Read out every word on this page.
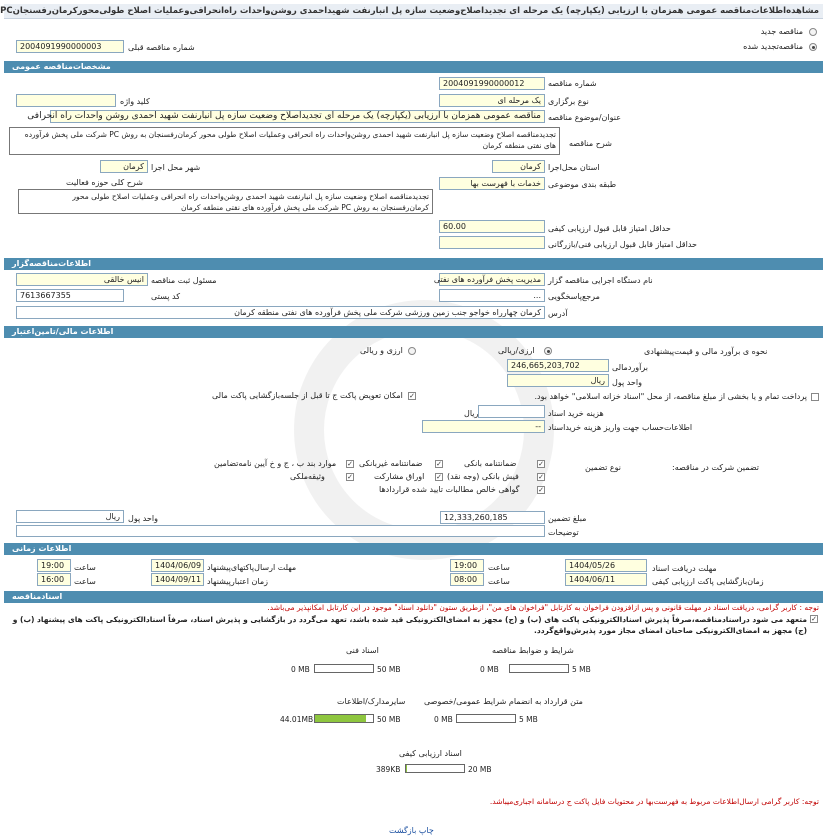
مشاهده‌اطلاعات‌مناقصه عمومی همزمان با ارزیابی (یکپارچه) یک مرحله ای تجدیداصلاح‌وضعیت سازه پل انبارنفت شهیداحمدی روشن‌واحدات راه‌انحرافی‌وعملیات اصلاح طولی‌محورکرمان‌رفسنجانPC
مناقصه جدید
مناقصه‌تجدید شده
شماره مناقصه قبلی
2004091990000003
مشخصات‌مناقصه عمومی
شماره مناقصه
2004091990000012
نوع برگزاری
یک مرحله ای
کلید واژه
عنوان/موضوع مناقصه
مناقصه عمومی همزمان با ارزیابی (یکپارچه) یک مرحله ای تجدیداصلاح وضعیت سازه پل انبارنفت شهید احمدی روشن واحدات راه انحرافی
شرح مناقصه
تجدیدمناقصه اصلاح وضعیت سازه پل انبارنفت شهید احمدی روشن‌واحدات راه انحرافی وعملیات اصلاح طولی محور کرمان‌رفسنجان به روش PC شرکت ملی پخش فرآورده های نفتی منطقه کرمان
استان محل‌اجرا
کرمان
شهر محل اجرا
کرمان
طبقه بندی موضوعی
خدمات با فهرست بها
شرح کلی حوزه فعالیت
تجدیدمناقصه اصلاح وضعیت سازه پل انبارنفت شهید احمدی روشن‌واحدات راه انحرافی وعملیات اصلاح طولی محور کرمان‌رفسنجان به روش PC شرکت ملی پخش فرآورده های نفتی منطقه کرمان
حداقل امتیاز قابل قبول ارزیابی کیفی
60.00
حداقل امتیاز قابل قبول ارزیابی فنی/بازرگانی
اطلاعات‌مناقصه‌گزار
نام دستگاه اجرایی مناقصه گزار
مدیریت پخش فرآورده های نفتی
مسئول ثبت مناقصه
انیس خالقی
مرجع‌پاسخگویی
...
کد پستی
7613667355
آدرس
کرمان چهارراه خواجو جنب زمین ورزشی شرکت ملی پخش فرآورده های نفتی منطقه کرمان
اطلاعات مالی/تامین‌اعتبار
نحوه ی برآورد مالی و قیمت‌پیشنهادی
ارزی/ریالی
ارزی و ریالی
برآوردمالی
246,665,203,702
واحد پول
ریال
پرداخت تمام و یا بخشی از مبلغ مناقصه، از محل "اسناد خزانه اسلامی" خواهد بود.
✓
امکان تعویض پاکت ج تا قبل از جلسه‌بازگشایی پاکت مالی
هزینه خرید اسناد
ریال
اطلاعات‌حساب جهت واریز هزینه خریداسناد
--
تضمین شرکت در مناقصه:
نوع تضمین
✓
ضمانتنامه بانکی
✓
فیش بانکی (وجه نقد)
✓
گواهی خالص مطالبات تایید شده قراردادها
✓
ضمانتنامه غیربانکی
✓
اوراق مشارکت
✓
موارد بند ب ، ج و خ آیین نامه‌تضامین
✓
وثیقه‌ملکی
مبلغ تضمین
12,333,260,185
واحد پول
ریال
توضیحات
اطلاعات زمانی
مهلت دریافت اسناد
1404/05/26
ساعت
19:00
مهلت ارسال‌پاکتهای‌پیشنهاد
1404/06/09
ساعت
19:00
زمان‌بازگشایی پاکت ارزیابی کیفی
1404/06/11
ساعت
08:00
زمان اعتبارپیشنهاد
1404/09/11
ساعت
16:00
اسنادمناقصه
توجه : کاربر گرامی، دریافت اسناد در مهلت قانونی و پس ازافزودن فراخوان به کارتابل "فراخوان های من"، ازطریق ستون "دانلود اسناد" موجود در این کارتابل امکانپذیر می‌باشد.
✓
متعهد می شود دراسنادمناقصه،صرفاً پذیرش اسنادالکترونیکی پاکت های (ب) و (ج) مجهز به امضای‌الکترونیکی قید شده باشد، تعهد می‌گردد در بازگشایی و پذیرش اسناد، صرفاً اسنادالکترونیکی پاکت های پیشنهاد (ب) و (ج) مجهز به امضای‌الکترونیکی صاحبان امضای مجاز مورد پذیرش‌واقع‌گردد.
شرایط و ضوابط مناقصه
0 MB	5 MB
اسناد فنی
0 MB	50 MB
متن قرارداد به انضمام شرایط عمومی/خصوصی
0 MB	5 MB
سایرمدارک/اطلاعات
44.01MB	50 MB
اسناد ارزیابی کیفی
389KB	20 MB
توجه: کاربر گرامی ارسال‌اطلاعات مربوط به فهرست‌بها در محتویات فایل پاکت ج درسامانه اجباری‌میباشد.
چاپ بازگشت
